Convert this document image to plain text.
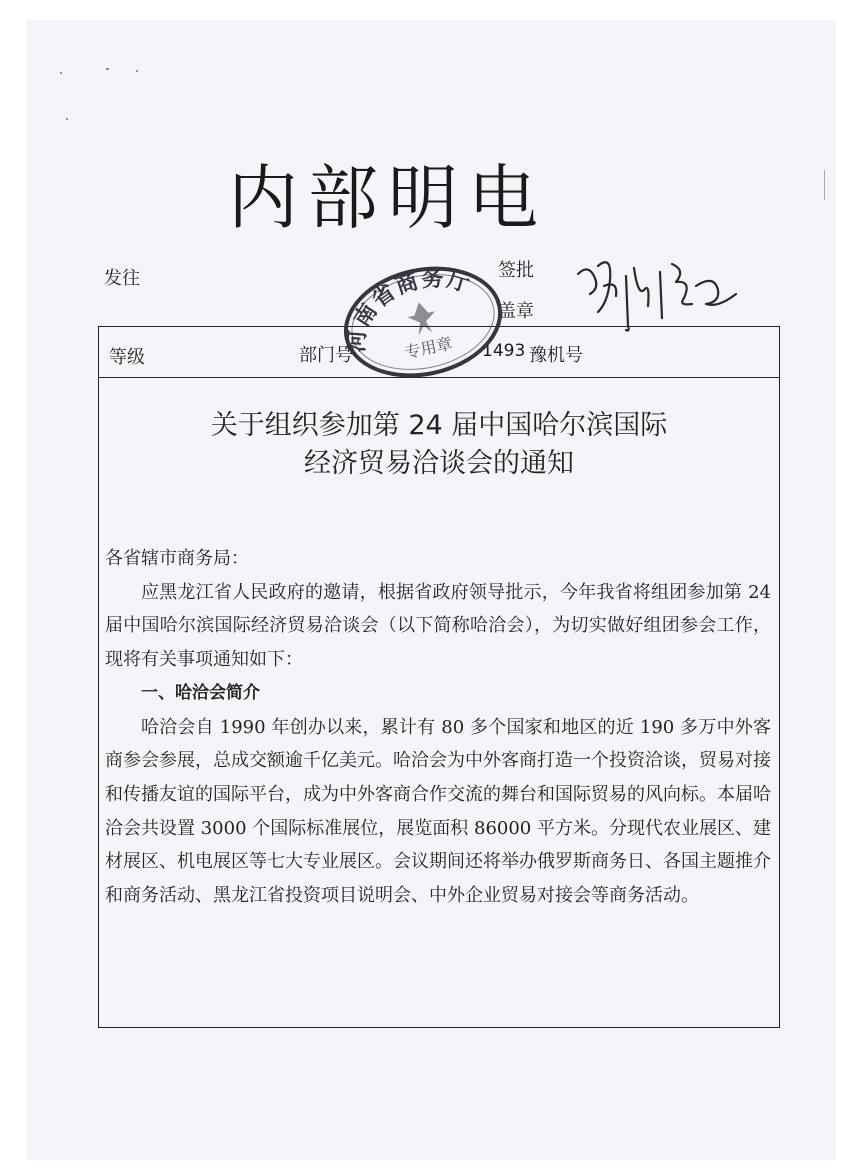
内部明电
发往	签批
盖章
等级	部门号	1493 豫机号
关于组织参加第 24 届中国哈尔滨国际
经济贸易洽谈会的通知

各省辖市商务局：

应黑龙江省人民政府的邀请，根据省政府领导批示，今年我省将组团参加第 24 届中国哈尔滨国际经济贸易洽谈会（以下简称哈洽会），为切实做好组团参会工作，现将有关事项通知如下：

一、哈洽会简介

哈洽会自 1990 年创办以来，累计有 80 多个国家和地区的近 190 多万中外客商参会参展，总成交额逾千亿美元。哈洽会为中外客商打造一个投资洽谈，贸易对接和传播友谊的国际平台，成为中外客商合作交流的舞台和国际贸易的风向标。本届哈洽会共设置 3000 个国际标准展位，展览面积 86000 平方米。分现代农业展区、建材展区、机电展区等七大专业展区。会议期间还将举办俄罗斯商务日、各国主题推介和商务活动、黑龙江省投资项目说明会、中外企业贸易对接会等商务活动。

河南省商务厅
专用章
